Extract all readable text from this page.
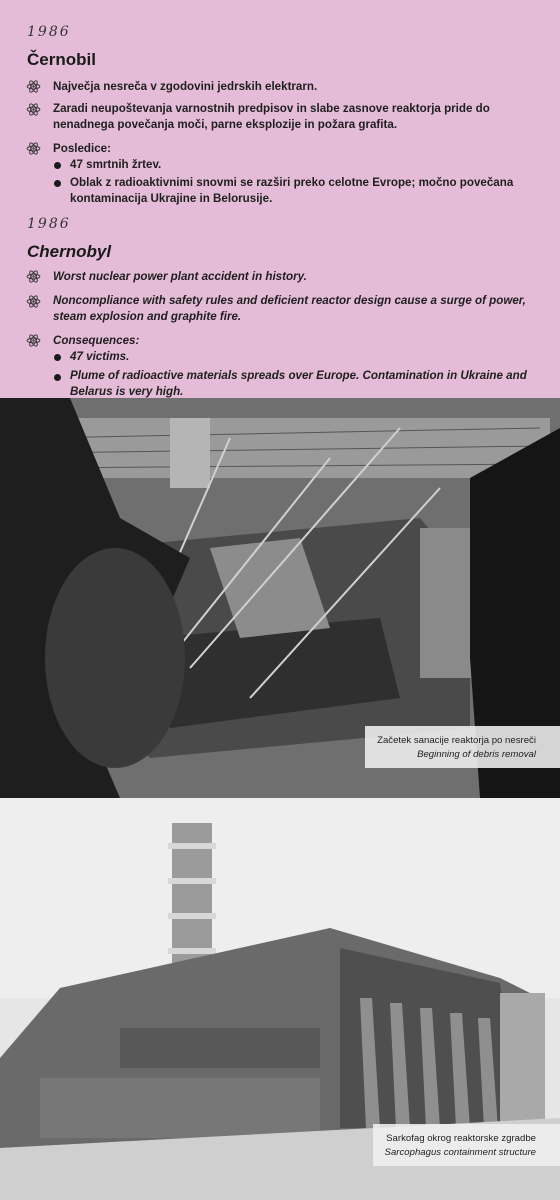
1986
Černobil
Največja nesreča v zgodovini jedrskih elektrarn.
Zaradi neupoštevanja varnostnih predpisov in slabe zasnove reaktorja pride do nenadnega povečanja moči, parne eksplozije in požara grafita.
Posledice:
47 smrtnih žrtev.
Oblak z radioaktivnimi snovmi se razširi preko celotne Evrope; močno povečana kontaminacija Ukrajine in Belorusije.
1986
Chernobyl
Worst nuclear power plant accident in history.
Noncompliance with safety rules and deficient reactor design cause a surge of power, steam explosion and graphite fire.
Consequences:
47 victims.
Plume of radioactive materials spreads over Europe. Contamination in Ukraine and Belarus is very high.
Začetek sanacije reaktorja po nesreči
Beginning of debris removal
Sarkofag okrog reaktorske zgradbe
Sarcophagus containment structure
